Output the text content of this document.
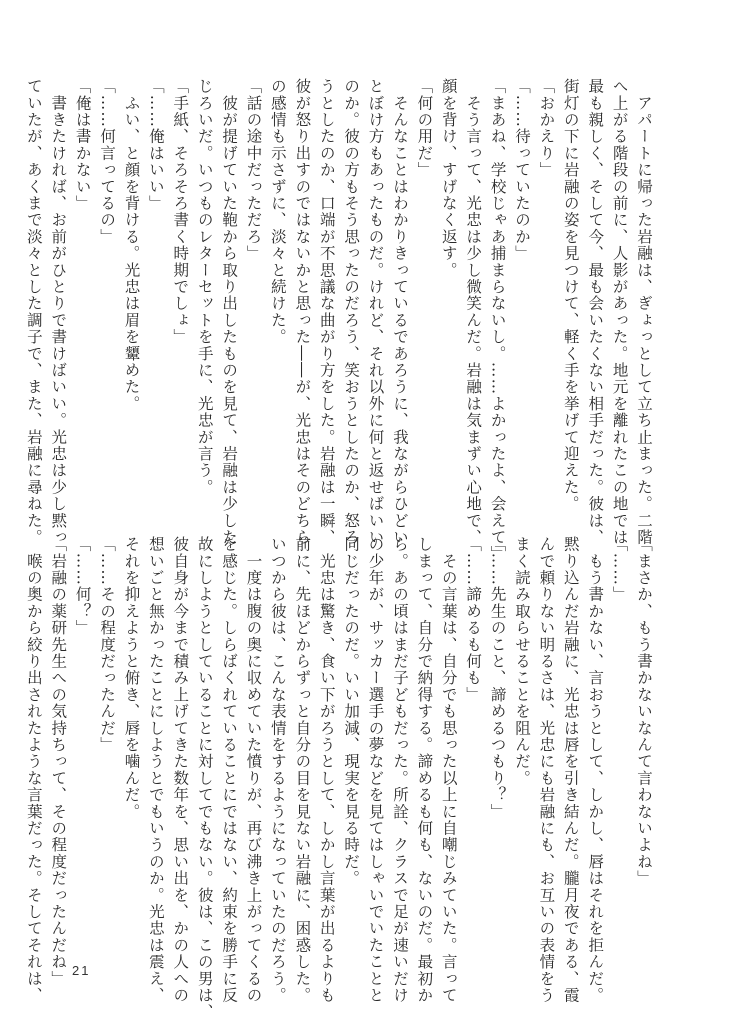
　アパートに帰った岩融は、ぎょっとして立ち止まった。二階
へ上がる階段の前に、人影があった。地元を離れたこの地では
最も親しく、そして今、最も会いたくない相手だった。彼は、
街灯の下に岩融の姿を見つけて、軽く手を挙げて迎えた。
「おかえり」
「……待っていたのか」
「まあね、学校じゃあ捕まらないし。……よかったよ、会えて」
　そう言って、光忠は少し微笑んだ。岩融は気まずい心地で、
顔を背け、すげなく返す。
「何の用だ」
　そんなことはわかりきっているであろうに、我ながらひどい
とぼけ方もあったものだ。けれど、それ以外に何と返せばいい
のか。彼の方もそう思ったのだろう、笑おうとしたのか、怒ろ
うとしたのか、口端が不思議な曲がり方をした。岩融は一瞬、
彼が怒り出すのではないかと思った――が、光忠はそのどちら
の感情も示さずに、淡々と続けた。
「話の途中だっただろ」
　彼が提げていた鞄から取り出したものを見て、岩融は少した
じろいだ。いつものレターセットを手に、光忠が言う。
「手紙、そろそろ書く時期でしょ」
「……俺はいい」
　ふい、と顔を背ける。光忠は眉を顰めた。
「……何言ってるの」
「俺は書かない」
　書きたければ、お前がひとりで書けばいい。光忠は少し黙っ
ていたが、あくまで淡々とした調子で、また、岩融に尋ねた。
「まさか、もう書かないなんて言わないよね」
「……」
　もう書かない、言おうとして、しかし、唇はそれを拒んだ。
黙り込んだ岩融に、光忠は唇を引き結んだ。朧月夜である、霞
んで頼りない明るさは、光忠にも岩融にも、お互いの表情をう
まく読み取らせることを阻んだ。
「……先生のこと、諦めるつもり？」
「……諦めるも何も」
　その言葉は、自分でも思った以上に自嘲じみていた。言って
しまって、自分で納得する。諦めるも何も、ないのだ。最初か
ら。あの頃はまだ子どもだった。所詮、クラスで足が速いだけ
の少年が、サッカー選手の夢などを見てはしゃいでいたことと
同じだったのだ。いい加減、現実を見る時だ。
　光忠は驚き、食い下がろうとして、しかし言葉が出るよりも
前に、先ほどからずっと自分の目を見ない岩融に、困惑した。
いつから彼は、こんな表情をするようになっていたのだろう。
　一度は腹の奥に収めていた憤りが、再び沸き上がってくるの
を感じた。しらばくれていることにではない、約束を勝手に反
故にしようとしていることに対してでもない。彼は、この男は、
彼自身が今まで積み上げてきた数年を、思い出を、かの人への
想いごと無かったことにしようとでもいうのか。光忠は震え、
それを抑えようと俯き、唇を噛んだ。
「……その程度だったんだ」
「……何？」
「岩融の薬研先生への気持ちって、その程度だったんだね」
　喉の奥から絞り出されたような言葉だった。そしてそれは、 21
